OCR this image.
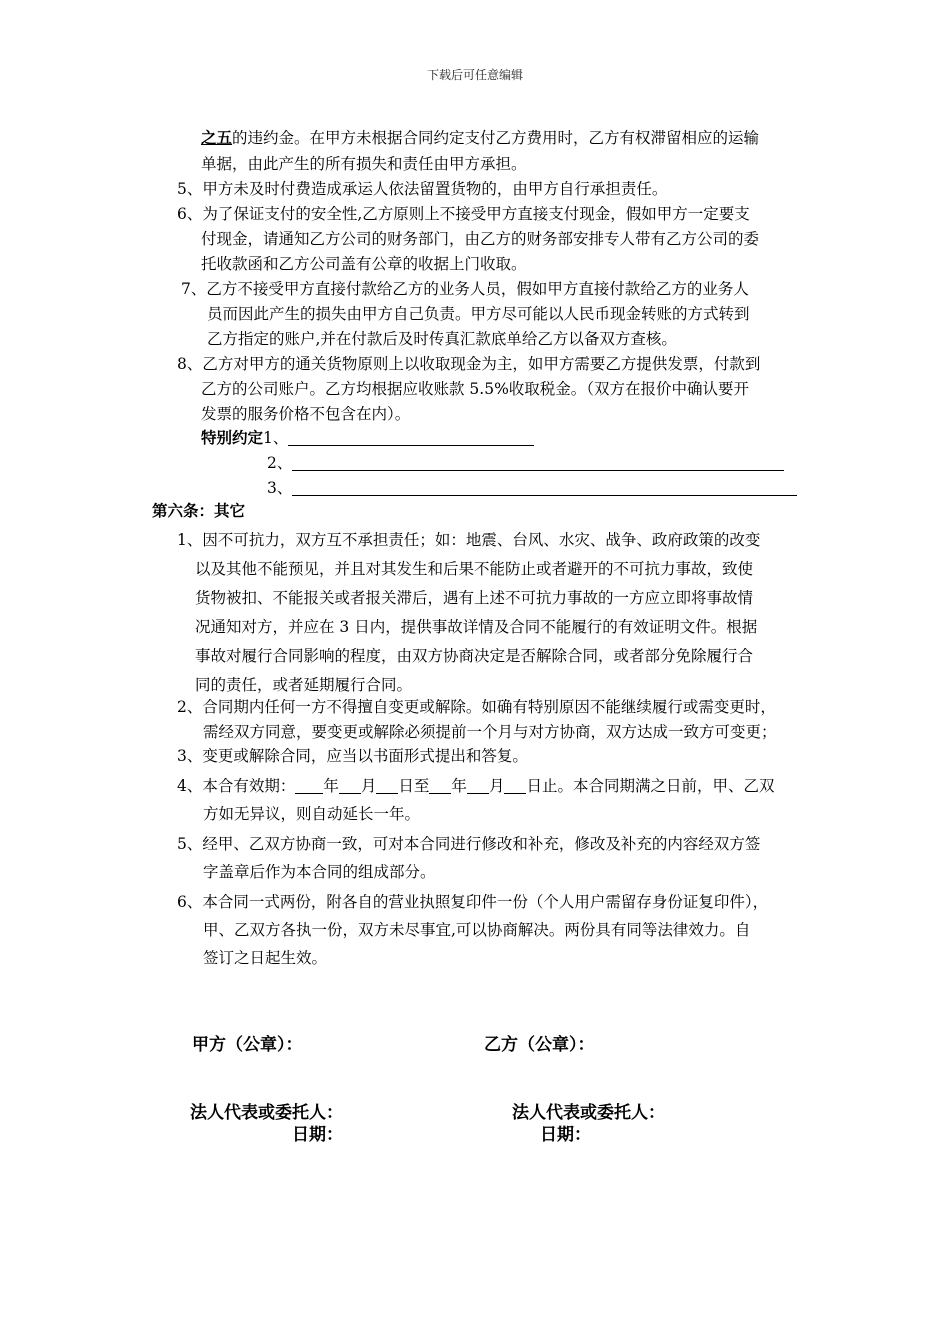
下载后可任意编辑
之五的违约金。在甲方未根据合同约定支付乙方费用时，乙方有权滞留相应的运输
单据，由此产生的所有损失和责任由甲方承担。
5、甲方未及时付费造成承运人依法留置货物的，由甲方自行承担责任。
6、为了保证支付的安全性,乙方原则上不接受甲方直接支付现金，假如甲方一定要支
付现金，请通知乙方公司的财务部门，由乙方的财务部安排专人带有乙方公司的委
托收款函和乙方公司盖有公章的收据上门收取。
7、乙方不接受甲方直接付款给乙方的业务人员，假如甲方直接付款给乙方的业务人
员而因此产生的损失由甲方自己负责。甲方尽可能以人民币现金转账的方式转到
乙方指定的账户,并在付款后及时传真汇款底单给乙方以备双方查核。
8、乙方对甲方的通关货物原则上以收取现金为主，如甲方需要乙方提供发票，付款到
乙方的公司账户。乙方均根据应收账款 5.5%收取税金。（双方在报价中确认要开
发票的服务价格不包含在内）。
特别约定1、
2、
3、
第六条：其它
1、因不可抗力，双方互不承担责任；如：地震、台风、水灾、战争、政府政策的改变
以及其他不能预见，并且对其发生和后果不能防止或者避开的不可抗力事故，致使
货物被扣、不能报关或者报关滞后，遇有上述不可抗力事故的一方应立即将事故情
况通知对方，并应在 3 日内，提供事故详情及合同不能履行的有效证明文件。根据
事故对履行合同影响的程度，由双方协商决定是否解除合同，或者部分免除履行合
同的责任，或者延期履行合同。
2、合同期内任何一方不得擅自变更或解除。如确有特别原因不能继续履行或需变更时，
需经双方同意，要变更或解除必须提前一个月与对方协商，双方达成一致方可变更；
3、变更或解除合同，应当以书面形式提出和答复。
4、本合有效期： 年 月 日至 年 月 日止。本合同期满之日前，甲、乙双
方如无异议，则自动延长一年。
5、经甲、乙双方协商一致，可对本合同进行修改和补充，修改及补充的内容经双方签
字盖章后作为本合同的组成部分。
6、本合同一式两份，附各自的营业执照复印件一份（个人用户需留存身份证复印件），
甲、乙双方各执一份，双方未尽事宜,可以协商解决。两份具有同等法律效力。自
签订之日起生效。
甲方（公章）：	乙方（公章）：
法人代表或委托人：	法人代表或委托人：
日期：	日期：
